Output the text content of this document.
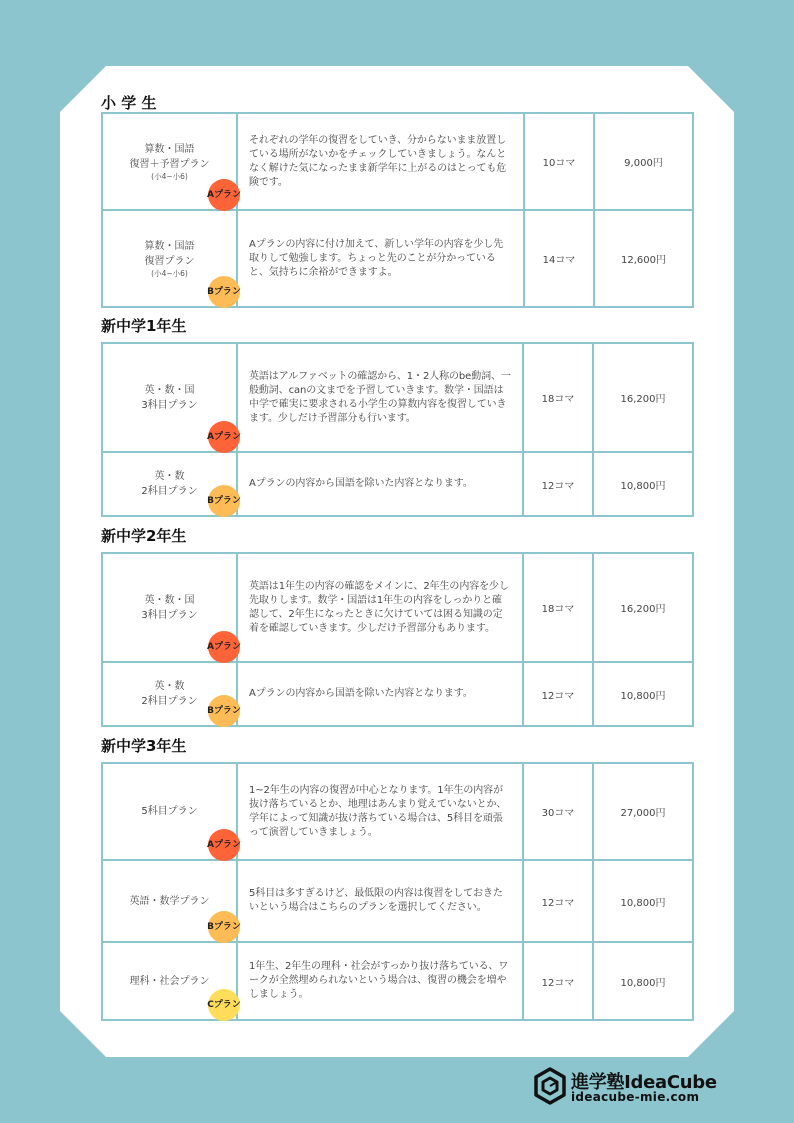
小 学 生
算数・国語
復習＋予習プラン
(小4~小6)
Aプラン	それぞれの学年の復習をしていき、分からないまま放置している場所がないかをチェックしていきましょう。なんとなく解けた気になったまま新学年に上がるのはとっても危険です。	10コマ	9,000円
算数・国語
復習プラン
(小4~小6)
Bプラン	Aプランの内容に付け加えて、新しい学年の内容を少し先取りして勉強します。ちょっと先のことが分かっていると、気持ちに余裕ができますよ。	14コマ	12,600円
新中学1年生
英・数・国
3科目プラン
Aプラン	英語はアルファベットの確認から、1・2人称のbe動詞、一般動詞、canの文までを予習していきます。数学・国語は中学で確実に要求される小学生の算数内容を復習していきます。少しだけ予習部分も行います。	18コマ	16,200円
英・数
2科目プラン
Bプラン	Aプランの内容から国語を除いた内容となります。	12コマ	10,800円
新中学2年生
英・数・国
3科目プラン
Aプラン	英語は1年生の内容の確認をメインに、2年生の内容を少し先取りします。数学・国語は1年生の内容をしっかりと確認して、2年生になったときに欠けていては困る知識の定着を確認していきます。少しだけ予習部分もあります。	18コマ	16,200円
英・数
2科目プラン
Bプラン	Aプランの内容から国語を除いた内容となります。	12コマ	10,800円
新中学3年生
5科目プラン
Aプラン	1~2年生の内容の復習が中心となります。1年生の内容が抜け落ちているとか、地理はあんまり覚えていないとか、学年によって知識が抜け落ちている場合は、5科目を頑張って演習していきましょう。	30コマ	27,000円
英語・数学プラン
Bプラン	5科目は多すぎるけど、最低限の内容は復習をしておきたいという場合はこちらのプランを選択してください。	12コマ	10,800円
理科・社会プラン
Cプラン	1年生、2年生の理科・社会がすっかり抜け落ちている、ワークが全然埋められないという場合は、復習の機会を増やしましょう。	12コマ	10,800円
進学塾IdeaCube
ideacube-mie.com
